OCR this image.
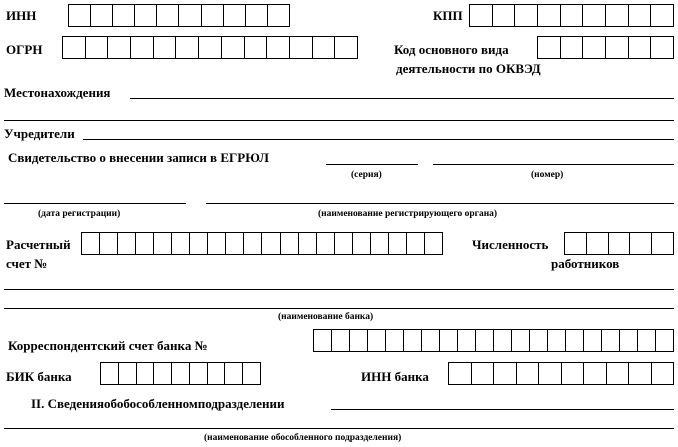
ИНН	КПП
ОГРН	Код основного вида
деятельности по ОКВЭД
Местонахождения
Учредители
Свидетельство о внесении записи в ЕГРЮЛ
(серия)	(номер)
(дата регистрации)	(наименование регистрирующего органа)
Расчетный
счет №
Численность
работников
(наименование банка)
Корреспондентский счет банка №
БИК банка	ИНН банка
II. Сведенияобобособленномподразделении
(наименование обособленного подразделения)
